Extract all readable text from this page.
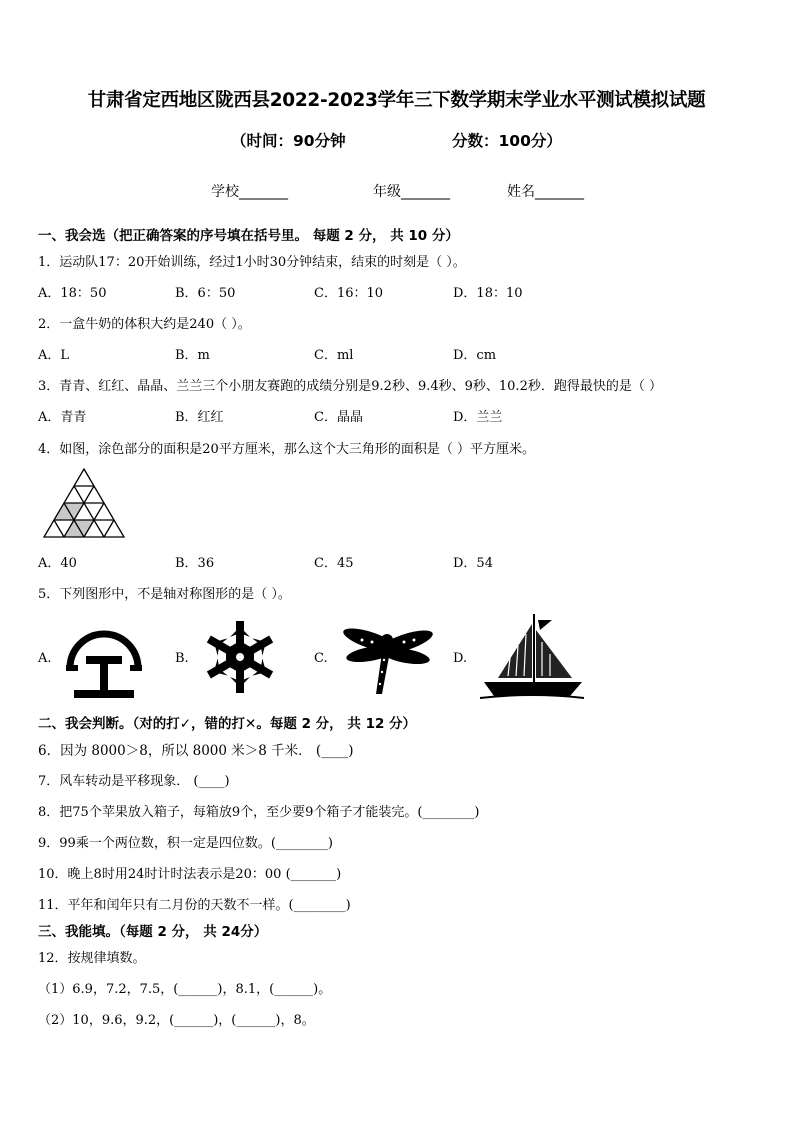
甘肃省定西地区陇西县2022-2023学年三下数学期末学业水平测试模拟试题
（时间：90分钟	分数：100分）
学校_______	年级_______	姓名_______
一、我会选（把正确答案的序号填在括号里。 每题 2 分， 共 10 分）
1．运动队17：20开始训练，经过1小时30分钟结束，结束的时刻是（ ）。
A．18：50	B．6：50	C．16：10	D．18：10
2．一盒牛奶的体积大约是240（ ）。
A．L	B．m	C．ml	D．cm
3．青青、红红、晶晶、兰兰三个小朋友赛跑的成绩分别是9.2秒、9.4秒、9秒、10.2秒．跑得最快的是（ ）
A．青青	B．红红	C．晶晶	D．兰兰
4．如图，涂色部分的面积是20平方厘米，那么这个大三角形的面积是（ ）平方厘米。
A．40	B．36	C．45	D．54
5．下列图形中，不是轴对称图形的是（ ）。
A.	B.	C.	D.
二、我会判断。（对的打✓，错的打✕。每题 2 分， 共 12 分）
6．因为 8000＞8，所以 8000 米＞8 千米． (____)
7．风车转动是平移现象． (____)
8．把75个苹果放入箱子，每箱放9个，至少要9个箱子才能装完。(________)
9．99乘一个两位数，积一定是四位数。(________)
10．晚上8时用24时计时法表示是20：00 (_______)
11．平年和闰年只有二月份的天数不一样。(________)
三、我能填。（每题 2 分， 共 24分）
12．按规律填数。
（1）6.9，7.2，7.5，(______)，8.1，(______)。
（2）10，9.6，9.2，(______)，(______)，8。
